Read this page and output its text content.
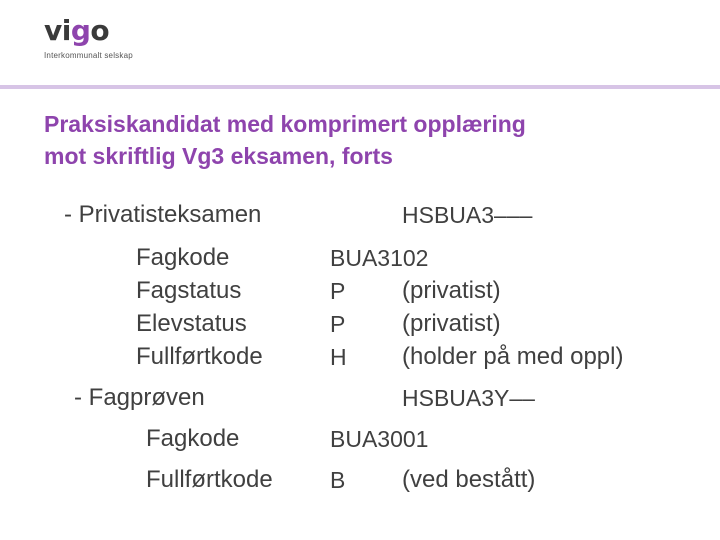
vigo
Interkommunalt selskap
Praksiskandidat med komprimert opplæring
mot skriftlig Vg3 eksamen, forts
- Privatisteksamen	HSBUA3–––
Fagkode	BUA3102
Fagstatus	P (privatist)
Elevstatus	P (privatist)
Fullførtkode	H (holder på med oppl)
- Fagprøven	HSBUA3Y––
Fagkode	BUA3001
Fullførtkode B (ved bestått)
